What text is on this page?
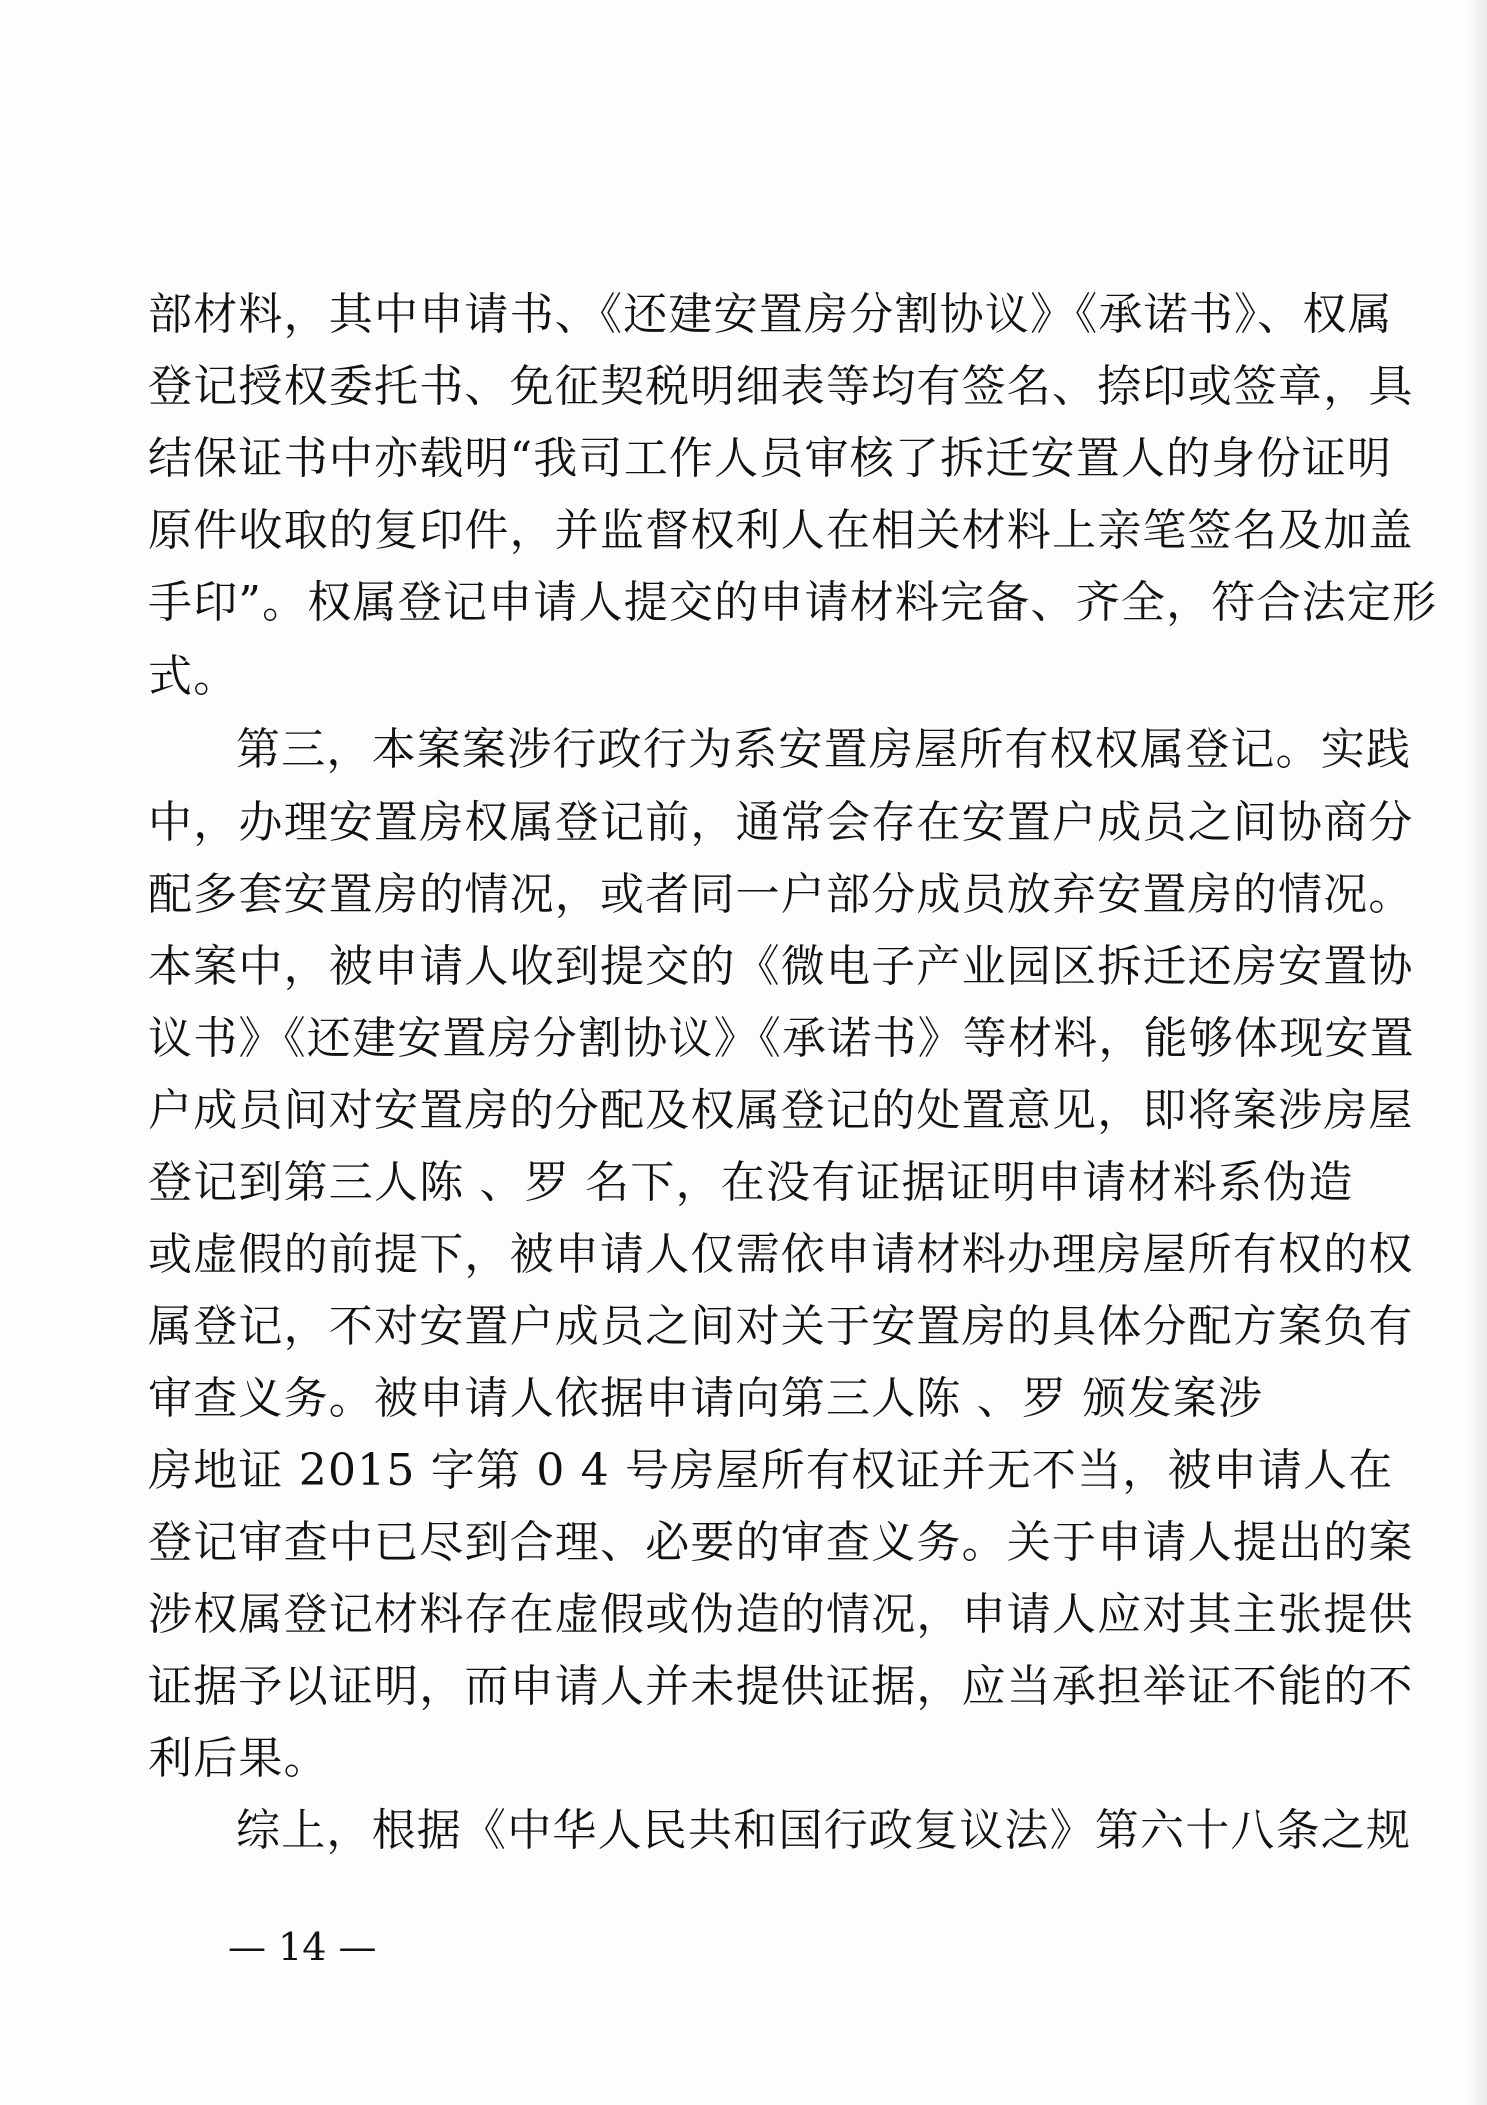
部材料，其中申请书、《还建安置房分割协议》《承诺书》、权属
登记授权委托书、免征契税明细表等均有签名、捺印或签章，具
结保证书中亦载明“我司工作人员审核了拆迁安置人的身份证明
原件收取的复印件，并监督权利人在相关材料上亲笔签名及加盖
手印”。权属登记申请人提交的申请材料完备、齐全，符合法定形
式。
第三，本案案涉行政行为系安置房屋所有权权属登记。实践
中，办理安置房权属登记前，通常会存在安置户成员之间协商分
配多套安置房的情况，或者同一户部分成员放弃安置房的情况。
本案中，被申请人收到提交的《微电子产业园区拆迁还房安置协
议书》《还建安置房分割协议》《承诺书》等材料，能够体现安置
户成员间对安置房的分配及权属登记的处置意见，即将案涉房屋
登记到第三人陈 、罗 名下，在没有证据证明申请材料系伪造
或虚假的前提下，被申请人仅需依申请材料办理房屋所有权的权
属登记，不对安置户成员之间对关于安置房的具体分配方案负有
审查义务。被申请人依据申请向第三人陈 、罗 颁发案涉
房地证 2015 字第 0 4 号房屋所有权证并无不当，被申请人在
登记审查中已尽到合理、必要的审查义务。关于申请人提出的案
涉权属登记材料存在虚假或伪造的情况，申请人应对其主张提供
证据予以证明，而申请人并未提供证据，应当承担举证不能的不
利后果。
综上，根据《中华人民共和国行政复议法》第六十八条之规
— 14 —
